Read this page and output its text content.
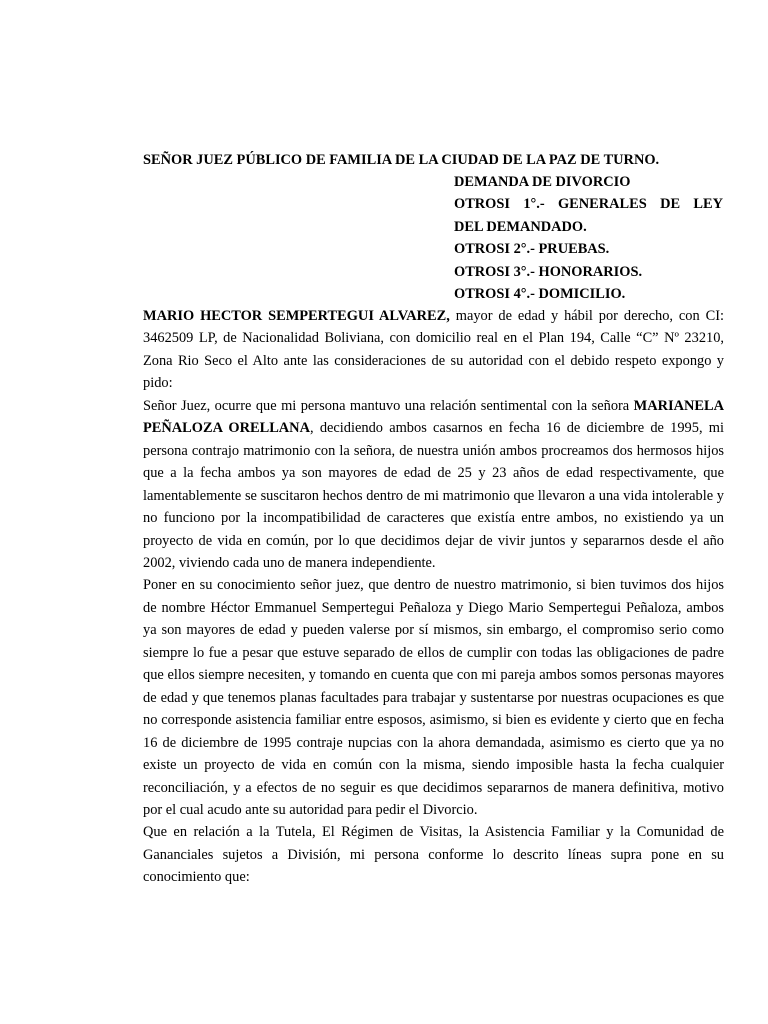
SEÑOR JUEZ PÚBLICO DE FAMILIA DE LA CIUDAD DE LA PAZ DE TURNO.
DEMANDA DE DIVORCIO
OTROSI 1°.- GENERALES DE LEY
DEL DEMANDADO.
OTROSI 2°.- PRUEBAS.
OTROSI 3°.- HONORARIOS.
OTROSI 4°.- DOMICILIO.

MARIO HECTOR SEMPERTEGUI ALVAREZ, mayor de edad y hábil por derecho, con CI: 3462509 LP, de Nacionalidad Boliviana, con domicilio real en el Plan 194, Calle “C” Nº 23210, Zona Rio Seco el Alto ante las consideraciones de su autoridad con el debido respeto expongo y pido:

Señor Juez, ocurre que mi persona mantuvo una relación sentimental con la señora MARIANELA PEÑALOZA ORELLANA, decidiendo ambos casarnos en fecha 16 de diciembre de 1995, mi persona contrajo matrimonio con la señora, de nuestra unión ambos procreamos dos hermosos hijos que a la fecha ambos ya son mayores de edad de 25 y 23 años de edad respectivamente, que lamentablemente se suscitaron hechos dentro de mi matrimonio que llevaron a una vida intolerable y no funciono por la incompatibilidad de caracteres que existía entre ambos, no existiendo ya un proyecto de vida en común, por lo que decidimos dejar de vivir juntos y separarnos desde el año 2002, viviendo cada uno de manera independiente.

Poner en su conocimiento señor juez, que dentro de nuestro matrimonio, si bien tuvimos dos hijos de nombre Héctor Emmanuel Sempertegui Peñaloza y Diego Mario Sempertegui Peñaloza, ambos ya son mayores de edad y pueden valerse por sí mismos, sin embargo, el compromiso serio como siempre lo fue a pesar que estuve separado de ellos de cumplir con todas las obligaciones de padre que ellos siempre necesiten, y tomando en cuenta que con mi pareja ambos somos personas mayores de edad y que tenemos planas facultades para trabajar y sustentarse por nuestras ocupaciones es que no corresponde asistencia familiar entre esposos, asimismo, si bien es evidente y cierto que en fecha 16 de diciembre de 1995 contraje nupcias con la ahora demandada, asimismo es cierto que ya no existe un proyecto de vida en común con la misma, siendo imposible hasta la fecha cualquier reconciliación, y a efectos de no seguir es que decidimos separarnos de manera definitiva, motivo por el cual acudo ante su autoridad para pedir el Divorcio.

Que en relación a la Tutela, El Régimen de Visitas, la Asistencia Familiar y la Comunidad de Gananciales sujetos a División, mi persona conforme lo descrito líneas supra pone en su conocimiento que:
